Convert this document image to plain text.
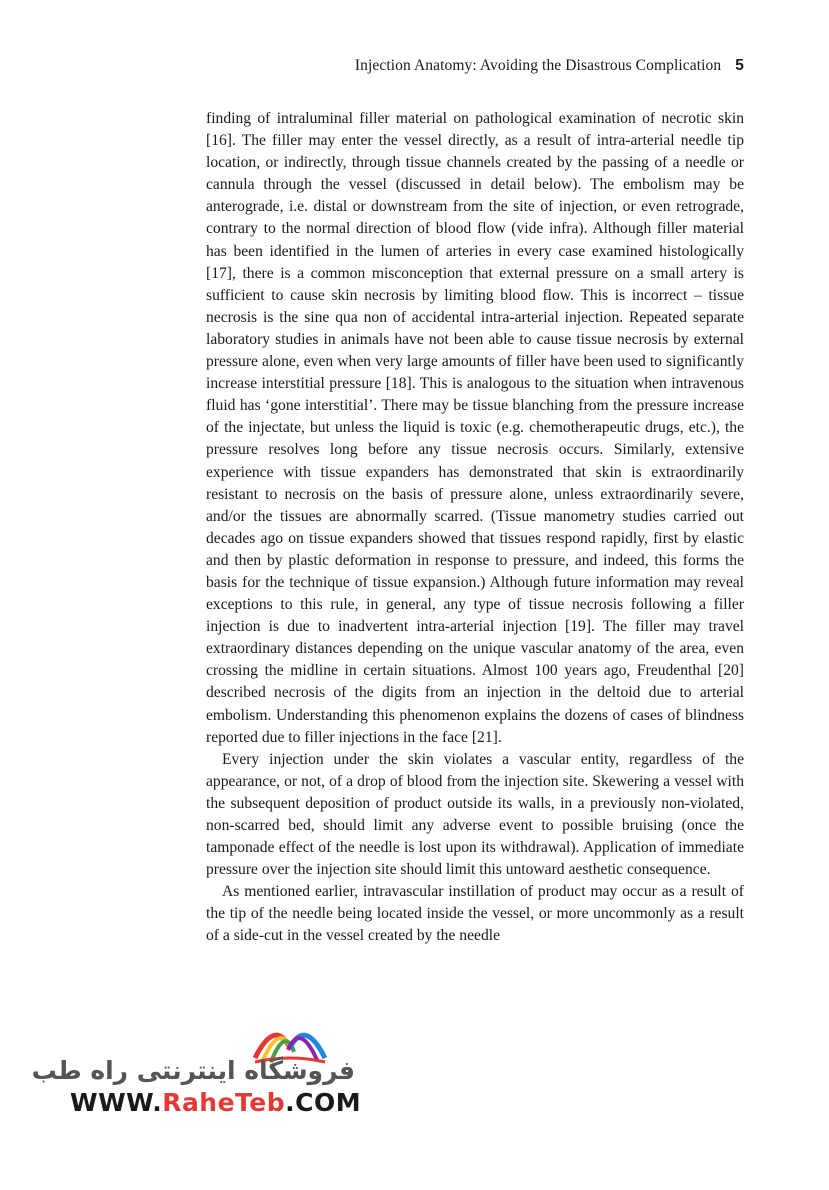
Injection Anatomy: Avoiding the Disastrous Complication 5

finding of intraluminal filler material on pathological examination of necrotic skin [16]. The filler may enter the vessel directly, as a result of intra-arterial needle tip location, or indirectly, through tissue channels created by the passing of a needle or cannula through the vessel (discussed in detail below). The embolism may be anterograde, i.e. distal or downstream from the site of injection, or even retrograde, contrary to the normal direction of blood flow (vide infra). Although filler material has been identified in the lumen of arteries in every case examined histologically [17], there is a common misconception that external pressure on a small artery is sufficient to cause skin necrosis by limiting blood flow. This is incorrect – tissue necrosis is the sine qua non of accidental intra-arterial injection. Repeated separate laboratory studies in animals have not been able to cause tissue necrosis by external pressure alone, even when very large amounts of filler have been used to significantly increase interstitial pressure [18]. This is analogous to the situation when intravenous fluid has ‘gone interstitial’. There may be tissue blanching from the pressure increase of the injectate, but unless the liquid is toxic (e.g. chemotherapeutic drugs, etc.), the pressure resolves long before any tissue necrosis occurs. Similarly, extensive experience with tissue expanders has demonstrated that skin is extraordinarily resistant to necrosis on the basis of pressure alone, unless extraordinarily severe, and/or the tissues are abnormally scarred. (Tissue manometry studies carried out decades ago on tissue expanders showed that tissues respond rapidly, first by elastic and then by plastic deformation in response to pressure, and indeed, this forms the basis for the technique of tissue expansion.) Although future information may reveal exceptions to this rule, in general, any type of tissue necrosis following a filler injection is due to inadvertent intra-arterial injection [19]. The filler may travel extraordinary distances depending on the unique vascular anatomy of the area, even crossing the midline in certain situations. Almost 100 years ago, Freudenthal [20] described necrosis of the digits from an injection in the deltoid due to arterial embolism. Understanding this phenomenon explains the dozens of cases of blindness reported due to filler injections in the face [21].

Every injection under the skin violates a vascular entity, regardless of the appearance, or not, of a drop of blood from the injection site. Skewering a vessel with the subsequent deposition of product outside its walls, in a previously non-violated, non-scarred bed, should limit any adverse event to possible bruising (once the tamponade effect of the needle is lost upon its withdrawal). Application of immediate pressure over the injection site should limit this untoward aesthetic consequence.

As mentioned earlier, intravascular instillation of product may occur as a result of the tip of the needle being located inside the vessel, or more uncommonly as a result of a side-cut in the vessel created by the needle

فروشگاه اینترنتی راه طب
WWW.RaheTeb.COM
